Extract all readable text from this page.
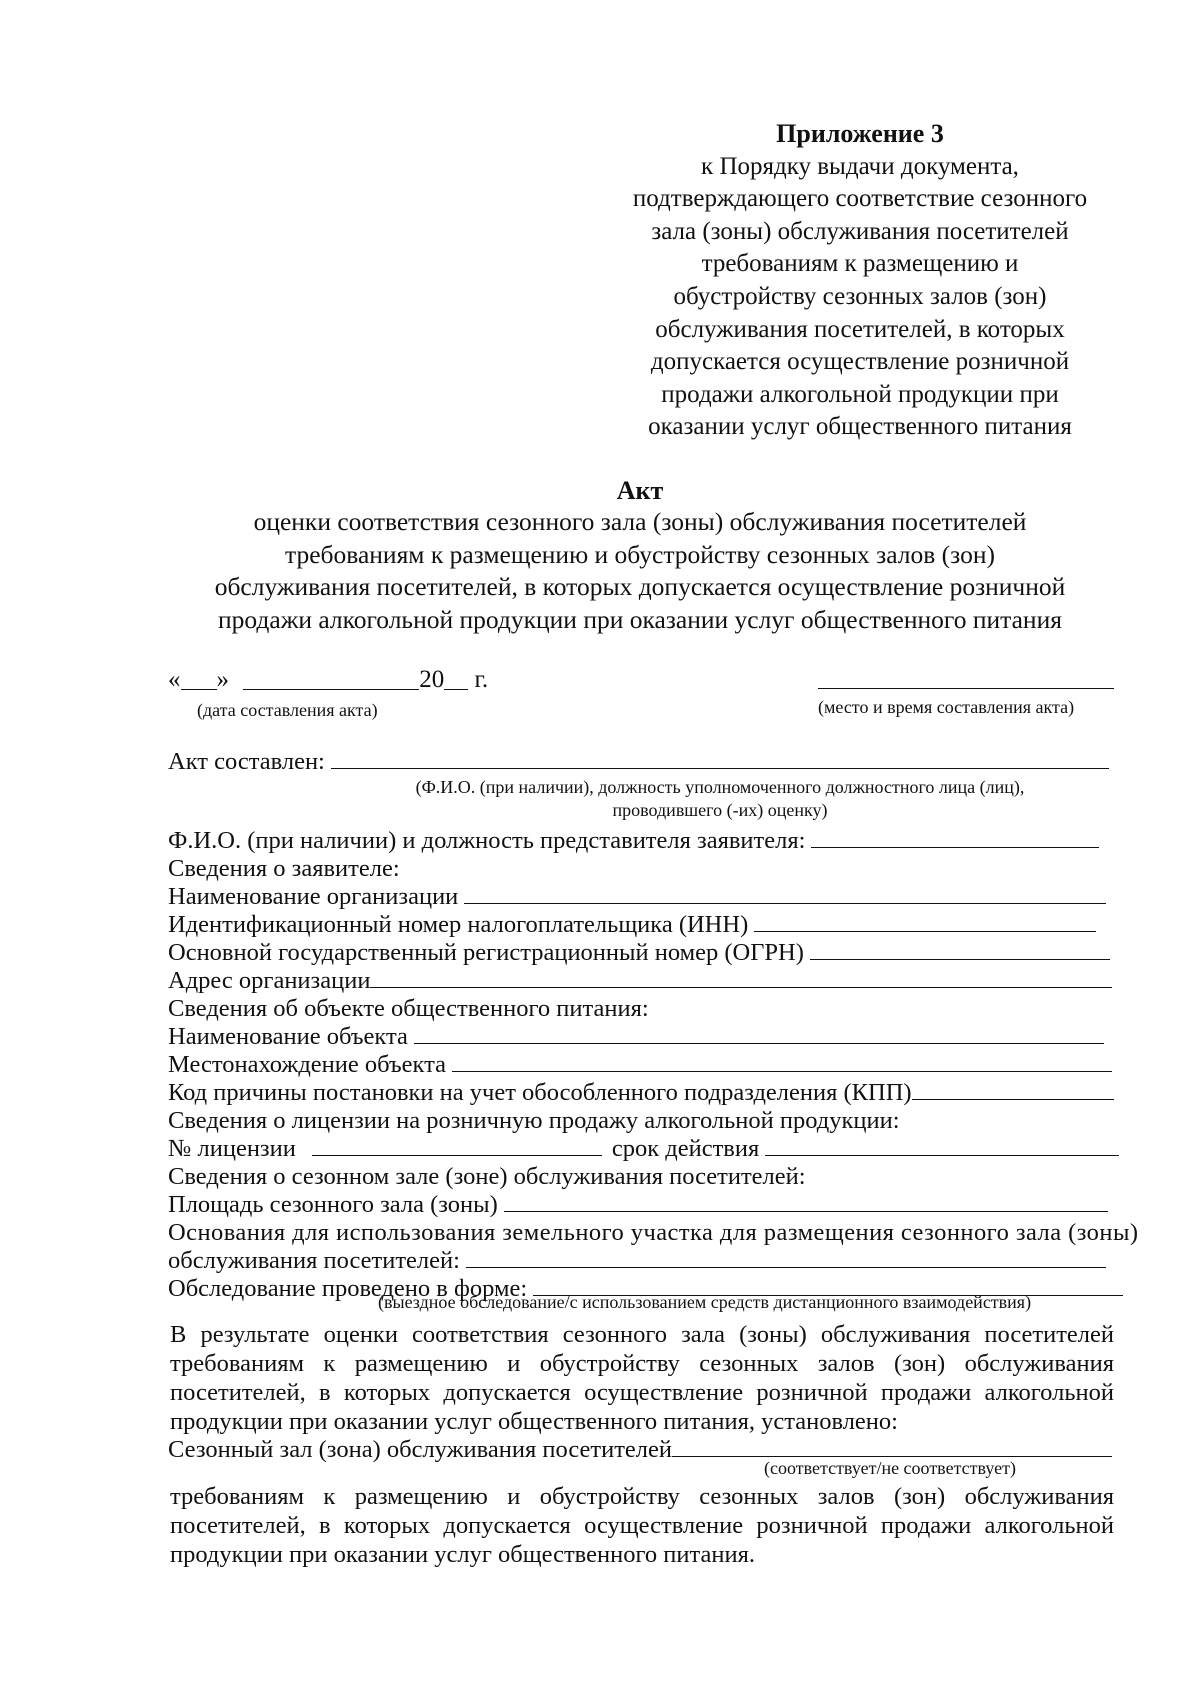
Приложение 3
к Порядку выдачи документа,
подтверждающего соответствие сезонного
зала (зоны) обслуживания посетителей
требованиям к размещению и
обустройству сезонных залов (зон)
обслуживания посетителей, в которых
допускается осуществление розничной
продажи алкогольной продукции при
оказании услуг общественного питания
Акт
оценки соответствия сезонного зала (зоны) обслуживания посетителей
требованиям к размещению и обустройству сезонных залов (зон)
обслуживания посетителей, в которых допускается осуществление розничной
продажи алкогольной продукции при оказании услуг общественного питания
« »	20 г.
(дата составления акта)	(место и время составления акта)
Акт составлен:
(Ф.И.О. (при наличии), должность уполномоченного должностного лица (лиц),
проводившего (-их) оценку)
Ф.И.О. (при наличии) и должность представителя заявителя:
Сведения о заявителе:
Наименование организации
Идентификационный номер налогоплательщика (ИНН)
Основной государственный регистрационный номер (ОГРН)
Адрес организации
Сведения об объекте общественного питания:
Наименование объекта
Местонахождение объекта
Код причины постановки на учет обособленного подразделения (КПП)
Сведения о лицензии на розничную продажу алкогольной продукции:
№ лицензии	срок действия
Сведения о сезонном зале (зоне) обслуживания посетителей:
Площадь сезонного зала (зоны)
Основания для использования земельного участка для размещения сезонного зала (зоны)
обслуживания посетителей:
Обследование проведено в форме:
(выездное обследование/с использованием средств дистанционного взаимодействия)
В результате оценки соответствия сезонного зала (зоны) обслуживания посетителей требованиям к размещению и обустройству сезонных залов (зон) обслуживания посетителей, в которых допускается осуществление розничной продажи алкогольной продукции при оказании услуг общественного питания, установлено:
Сезонный зал (зона) обслуживания посетителей
(соответствует/не соответствует)
требованиям к размещению и обустройству сезонных залов (зон) обслуживания посетителей, в которых допускается осуществление розничной продажи алкогольной продукции при оказании услуг общественного питания.
